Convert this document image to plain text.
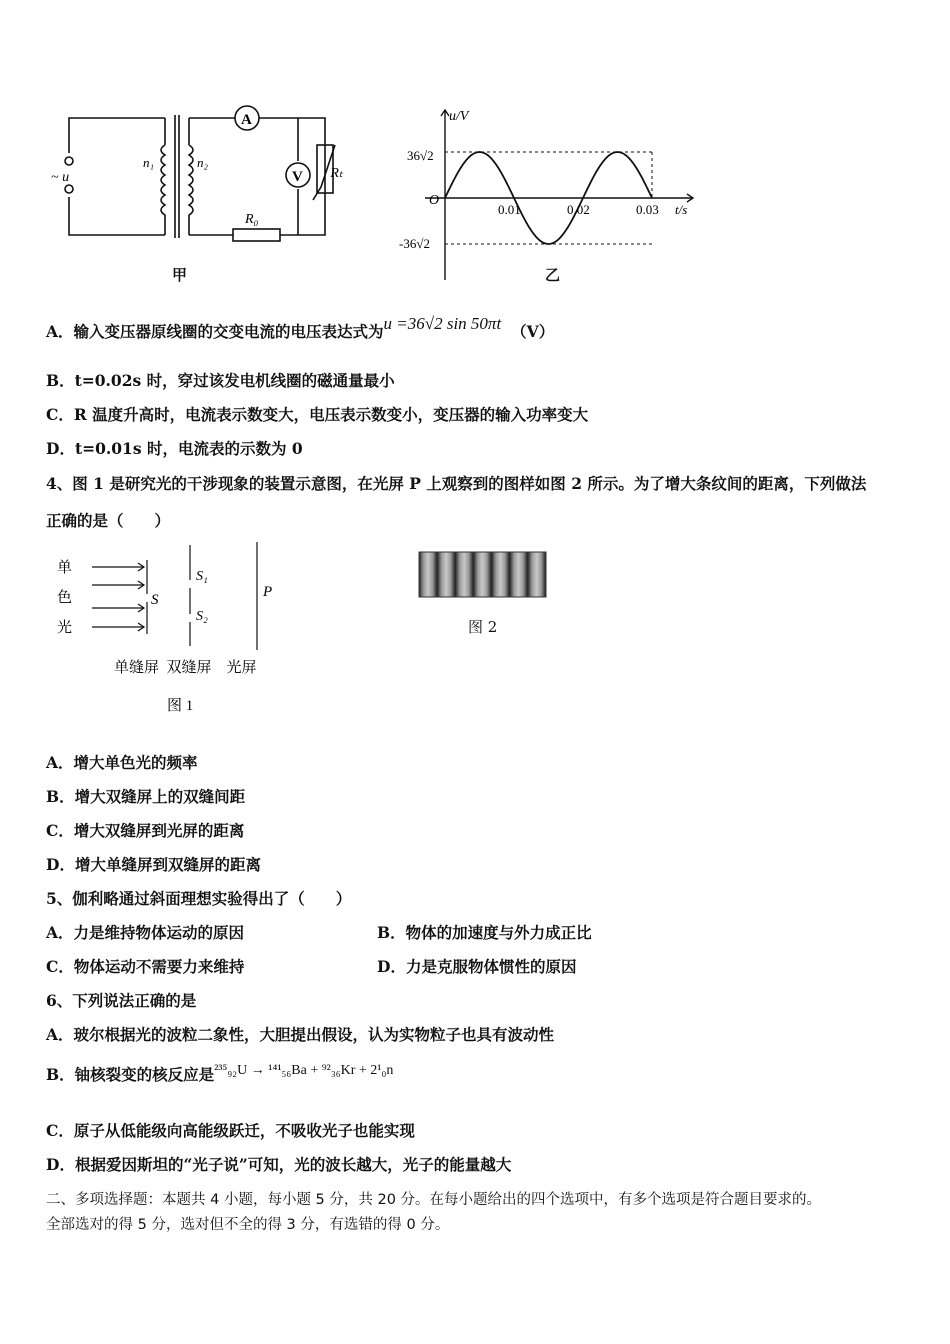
A
V
~ u
n₁	n₂
R₀
Rₜ
甲
u/V
t/s
O
36√2
-36√2
0.01	0.02	0.03
乙
A．输入变压器原线圈的交变电流的电压表达式为u =36√2 sin 50πt （V）
B．t=0.02s 时，穿过该发电机线圈的磁通量最小
C．R 温度升高时，电流表示数变大，电压表示数变小，变压器的输入功率变大
D．t=0.01s 时，电流表的示数为 0
4、图 1 是研究光的干涉现象的装置示意图，在光屏 P 上观察到的图样如图 2 所示。为了增大条纹间的距离，下列做法
正确的是（　　）
单
色
光
S
S₁
S₂
P
单缝屏  双缝屏    光屏
图 1
图 2
A．增大单色光的频率
B．增大双缝屏上的双缝间距
C．增大双缝屏到光屏的距离
D．增大单缝屏到双缝屏的距离
5、伽利略通过斜面理想实验得出了（　　）
A．力是维持物体运动的原因	B．物体的加速度与外力成正比
C．物体运动不需要力来维持	D．力是克服物体惯性的原因
6、下列说法正确的是
A．玻尔根据光的波粒二象性，大胆提出假设，认为实物粒子也具有波动性
B．铀核裂变的核反应是²³⁵₉₂U → ¹⁴¹₅₆Ba + ⁹²₃₆Kr + 2¹₀n
C．原子从低能级向高能级跃迁，不吸收光子也能实现
D．根据爱因斯坦的“光子说”可知，光的波长越大，光子的能量越大
二、多项选择题：本题共 4 小题，每小题 5 分，共 20 分。在每小题给出的四个选项中，有多个选项是符合题目要求的。
全部选对的得 5 分，选对但不全的得 3 分，有选错的得 0 分。
